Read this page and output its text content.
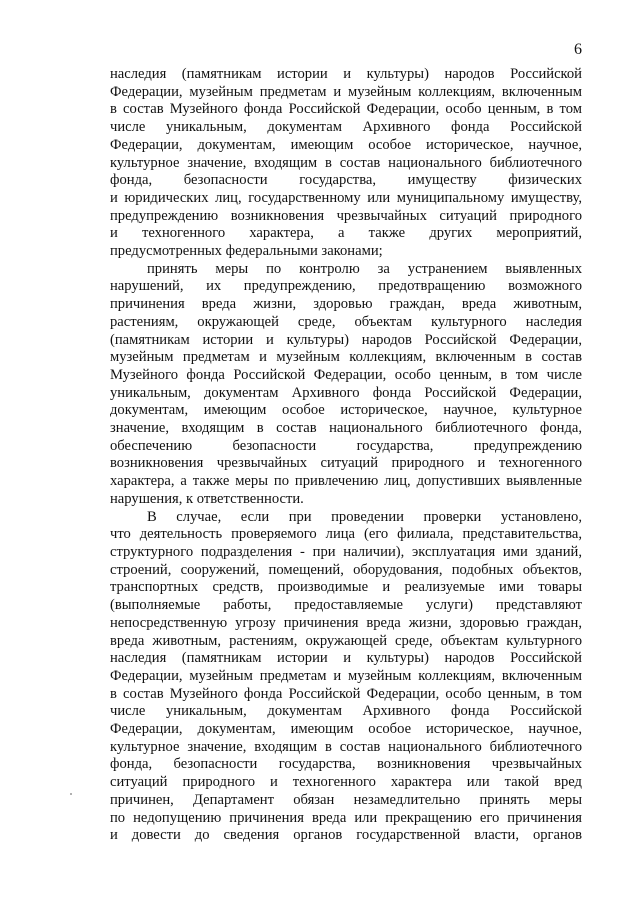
6
наследия (памятникам истории и культуры) народов Российской
Федерации, музейным предметам и музейным коллекциям, включенным
в состав Музейного фонда Российской Федерации, особо ценным, в том
числе уникальным, документам Архивного фонда Российской
Федерации, документам, имеющим особое историческое, научное,
культурное значение, входящим в состав национального библиотечного
фонда, безопасности государства, имуществу физических
и юридических лиц, государственному или муниципальному имуществу,
предупреждению возникновения чрезвычайных ситуаций природного
и техногенного характера, а также других мероприятий,
предусмотренных федеральными законами;
принять меры по контролю за устранением выявленных
нарушений, их предупреждению, предотвращению возможного
причинения вреда жизни, здоровью граждан, вреда животным,
растениям, окружающей среде, объектам культурного наследия
(памятникам истории и культуры) народов Российской Федерации,
музейным предметам и музейным коллекциям, включенным в состав
Музейного фонда Российской Федерации, особо ценным, в том числе
уникальным, документам Архивного фонда Российской Федерации,
документам, имеющим особое историческое, научное, культурное
значение, входящим в состав национального библиотечного фонда,
обеспечению безопасности государства, предупреждению
возникновения чрезвычайных ситуаций природного и техногенного
характера, а также меры по привлечению лиц, допустивших выявленные
нарушения, к ответственности.
В случае, если при проведении проверки установлено,
что деятельность проверяемого лица (его филиала, представительства,
структурного подразделения - при наличии), эксплуатация ими зданий,
строений, сооружений, помещений, оборудования, подобных объектов,
транспортных средств, производимые и реализуемые ими товары
(выполняемые работы, предоставляемые услуги) представляют
непосредственную угрозу причинения вреда жизни, здоровью граждан,
вреда животным, растениям, окружающей среде, объектам культурного
наследия (памятникам истории и культуры) народов Российской
Федерации, музейным предметам и музейным коллекциям, включенным
в состав Музейного фонда Российской Федерации, особо ценным, в том
числе уникальным, документам Архивного фонда Российской
Федерации, документам, имеющим особое историческое, научное,
культурное значение, входящим в состав национального библиотечного
фонда, безопасности государства, возникновения чрезвычайных
ситуаций природного и техногенного характера или такой вред
причинен, Департамент обязан незамедлительно принять меры
по недопущению причинения вреда или прекращению его причинения
и довести до сведения органов государственной власти, органов
